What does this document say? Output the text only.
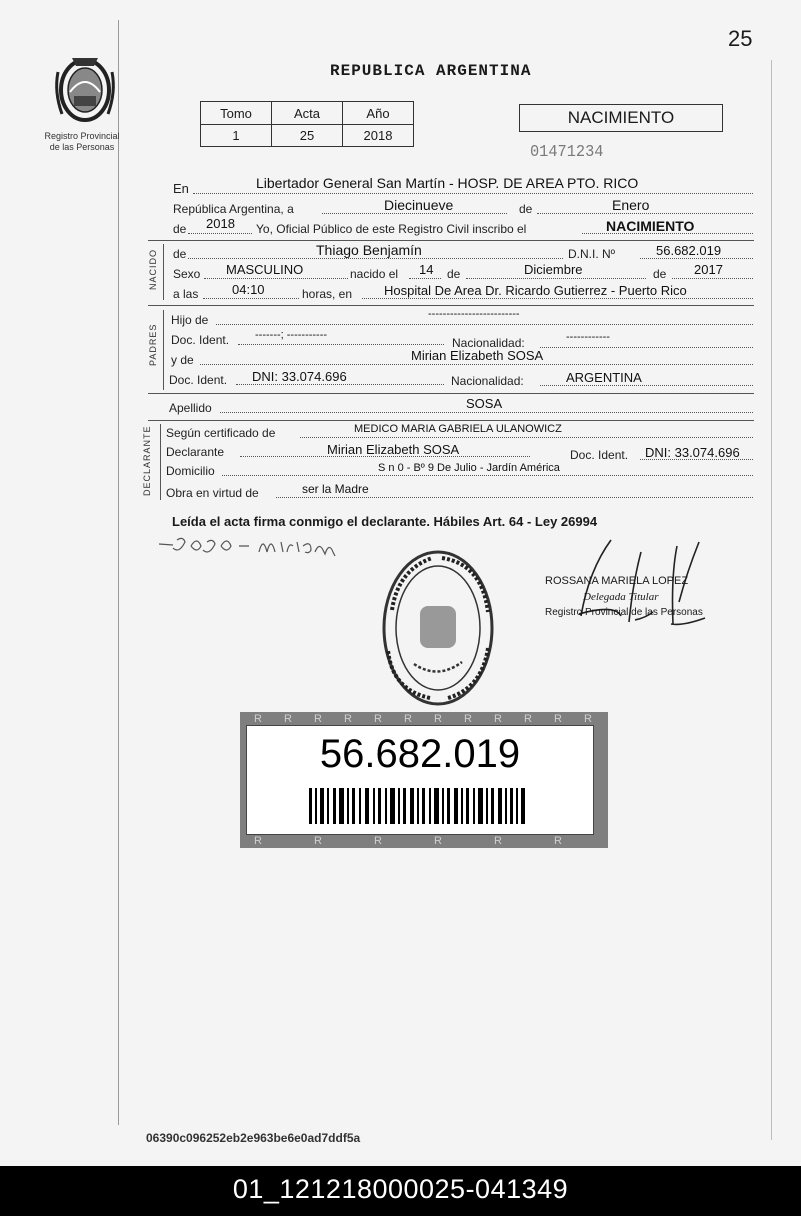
25
REPUBLICA ARGENTINA
Registro Provincial
de las Personas
Tomo	Acta	Año
1	25	2018
NACIMIENTO
01471234
En	Libertador General San Martín - HOSP. DE AREA PTO. RICO
República Argentina, a	Diecinueve	de	Enero
de 2018 Yo, Oficial Público de este Registro Civil inscribo el	NACIMIENTO
NACIDO de	Thiago Benjamín	D.N.I. Nº	56.682.019
Sexo MASCULINO	nacido el 14 de	Diciembre	de 2017
a las	04:10	horas, en Hospital De Area Dr. Ricardo Gutierrez - Puerto Rico
PADRES
Hijo de	-------------------------
Doc. Ident. -------; -----------
Nacionalidad:	------------
y de	Mirian Elizabeth SOSA
Doc. Ident. DNI: 33.074.696	Nacionalidad:	ARGENTINA
Apellido	SOSA
DECLARANTE Según certificado de	MEDICO MARIA GABRIELA ULANOWICZ
Declarante	Mirian Elizabeth SOSA	Doc. Ident. DNI: 33.074.696
Domicilio	S n 0 - Bº 9 De Julio - Jardín América
Obra en virtud de	ser la Madre
Leída el acta firma conmigo el declarante. Hábiles Art. 64 - Ley 26994
ROSSANA MARIELA LOPEZ
Delegada Titular
Registro Provincial de las Personas
R R R R R R R R R R R R
R	R	R	R	R	R
56.682.019
06390c096252eb2e963be6e0ad7ddf5a
01_121218000025-041349
